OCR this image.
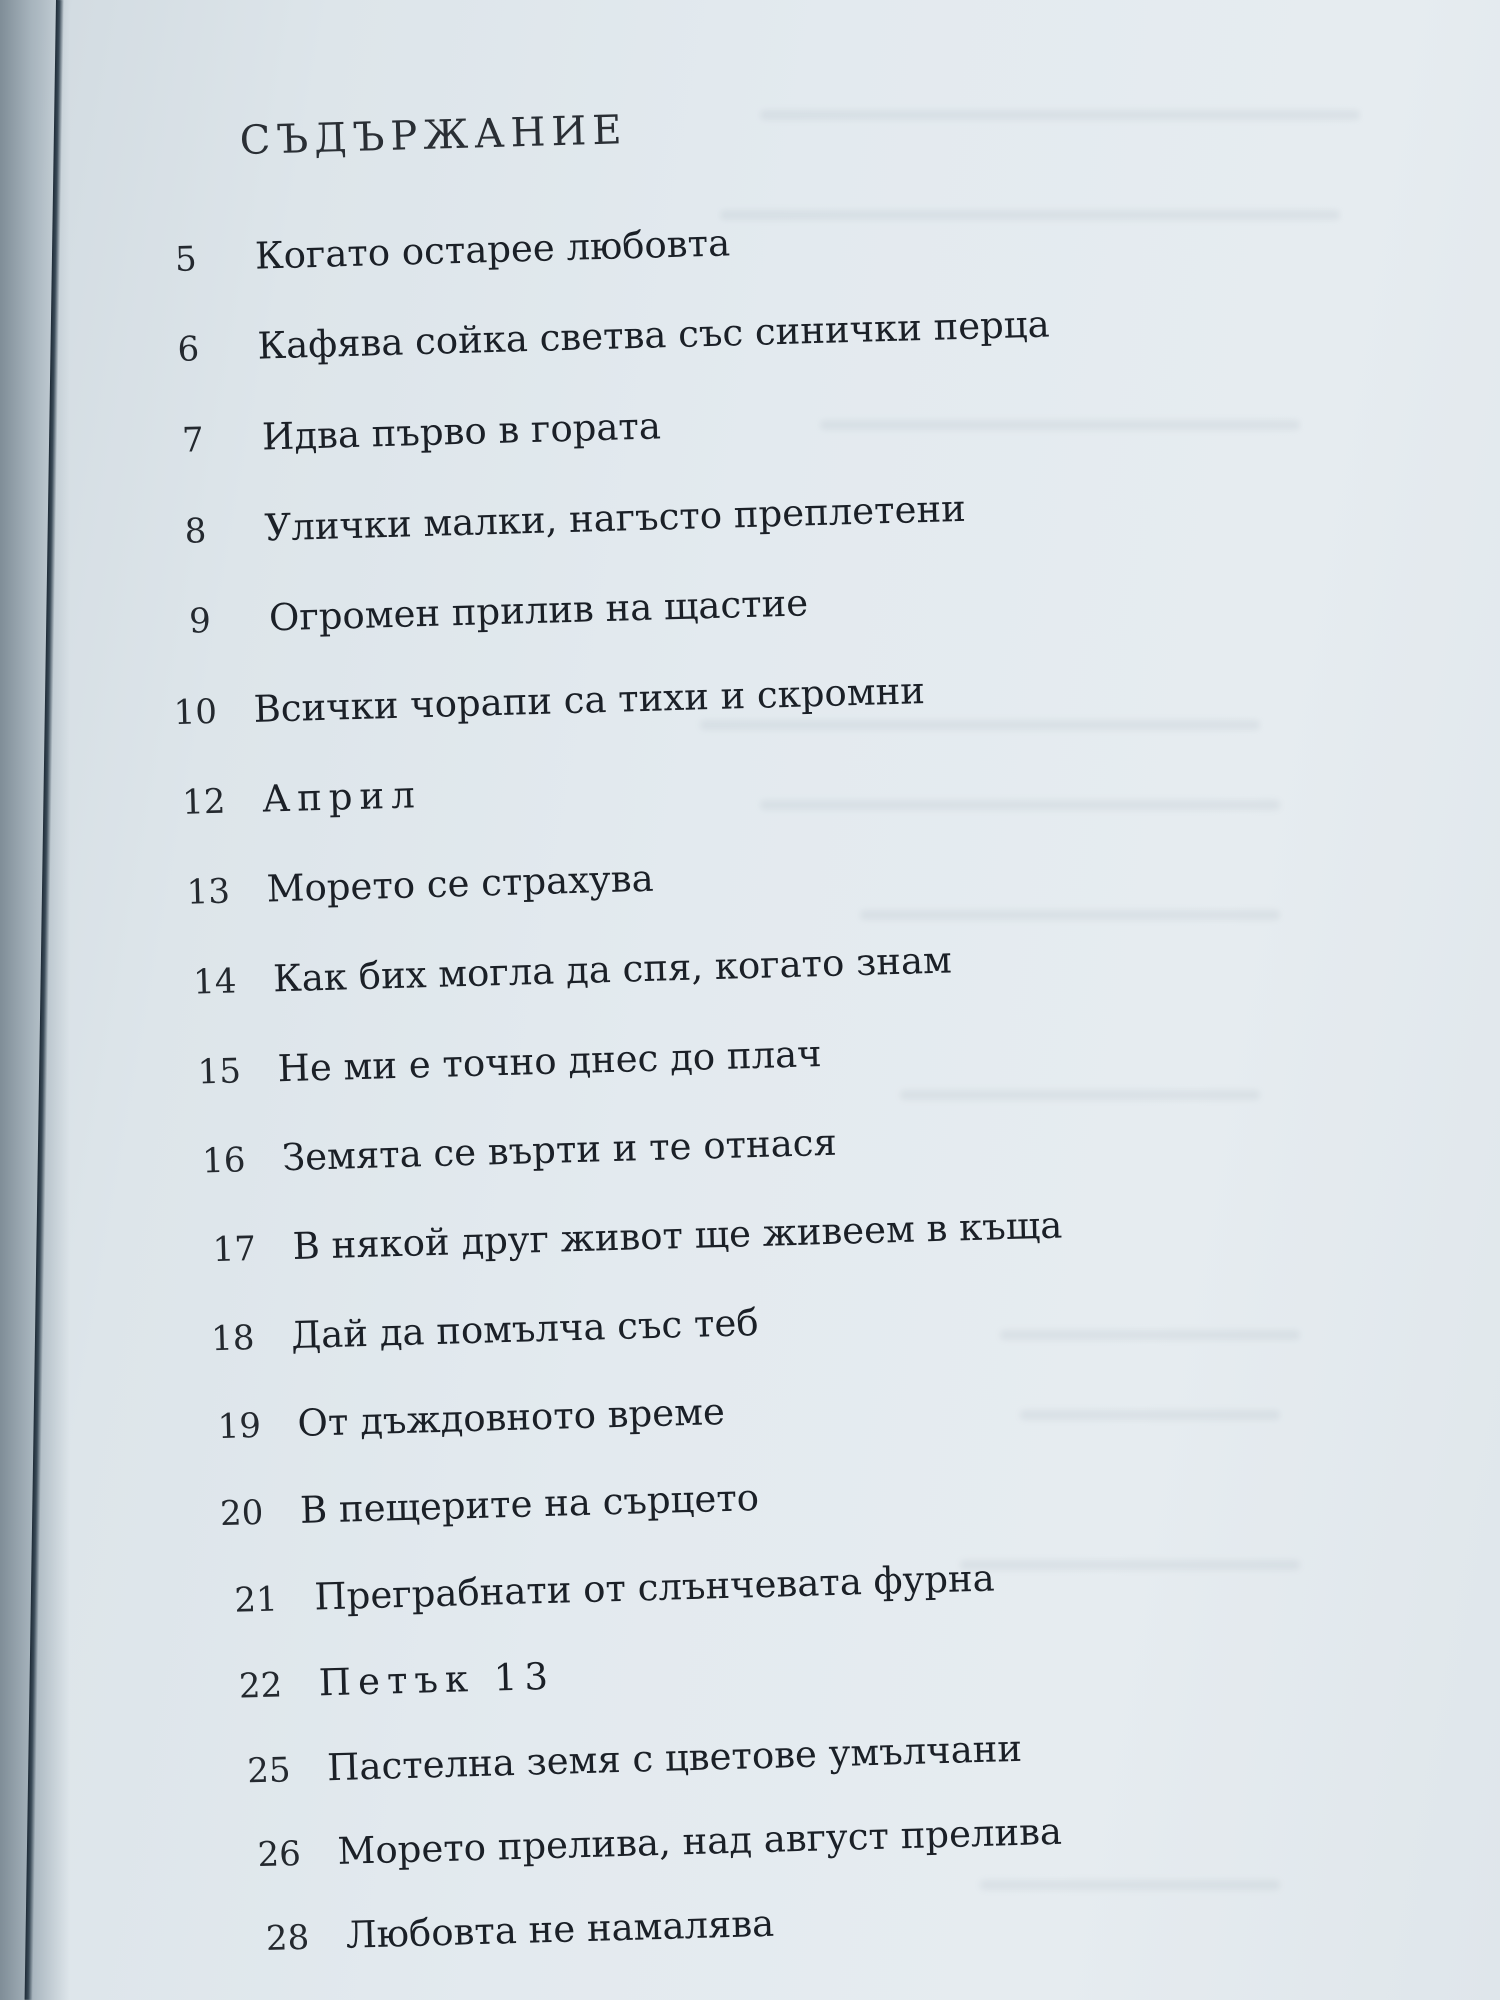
СЪДЪРЖАНИЕ
5 Когато остарее любовта
6 Кафява сойка светва със синички перца
7 Идва първо в гората
8 Улички малки, нагъсто преплетени
9 Огромен прилив на щастие
10 Всички чорапи са тихи и скромни
12 Април
13 Морето се страхува
14 Как бих могла да спя, когато знам
15 Не ми е точно днес до плач
16 Земята се върти и те отнася
17 В някой друг живот ще живеем в къща
18 Дай да помълча със теб
19 От дъждовното време
20 В пещерите на сърцето
21 Преграбнати от слънчевата фурна
22 Петък 13
25 Пастелна земя с цветове умълчани
26 Морето прелива, над август прелива
28 Любовта не намалява
